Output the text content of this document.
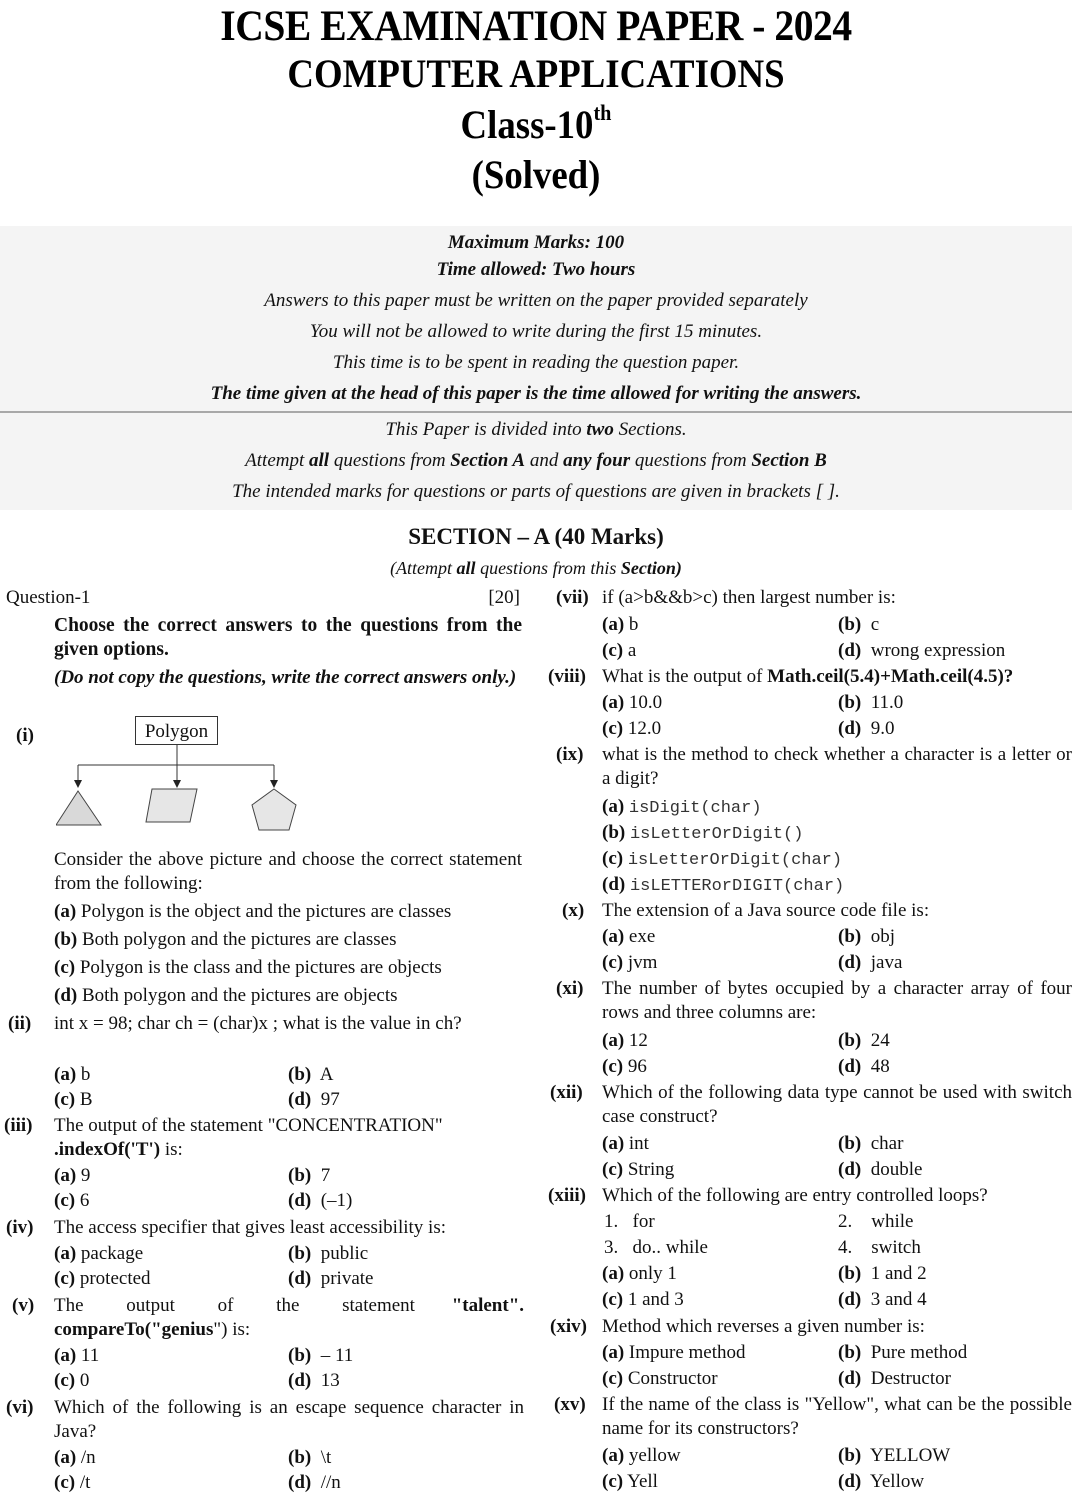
ICSE EXAMINATION PAPER - 2024
COMPUTER APPLICATIONS
Class-10th
(Solved)
Maximum Marks: 100
Time allowed: Two hours
Answers to this paper must be written on the paper provided separately
You will not be allowed to write during the first 15 minutes.
This time is to be spent in reading the question paper.
The time given at the head of this paper is the time allowed for writing the answers.
This Paper is divided into two Sections.
Attempt all questions from Section A and any four questions from Section B
The intended marks for questions or parts of questions are given in brackets [ ].
SECTION – A (40 Marks)
(Attempt all questions from this Section)
Question-1	[20]
Choose the correct answers to the questions from the given options.
(Do not copy the questions, write the correct answers only.)
(i)	Polygon
Consider the above picture and choose the correct statement from the following:
(a) Polygon is the object and the pictures are classes
(b) Both polygon and the pictures are classes
(c) Polygon is the class and the pictures are objects
(d) Both polygon and the pictures are objects
(ii) int x = 98; char ch = (char)x ; what is the value in ch?
(a) b	(b) A
(c) B	(d) 97
(iii) The output of the statement "CONCENTRATION"
.indexOf('T') is:
(a) 9	(b) 7
(c) 6	(d) (–1)
(iv) The access specifier that gives least accessibility is:
(a) package	(b) public
(c) protected	(d) private
(v) The output of the statement "talent".

compareTo("genius") is:
(a) 11	(b) – 11
(c) 0	(d) 13
(vi) Which of the following is an escape sequence character in Java?
(a) /n	(b) \t
(c) /t	(d) //n
(vii) if (a>b&&b>c) then largest number is:
(a) b	(b) c
(c) a	(d) wrong expression
(viii) What is the output of Math.ceil(5.4)+Math.ceil(4.5)?
(a) 10.0	(b) 11.0
(c) 12.0	(d) 9.0
(ix) what is the method to check whether a character is a letter or a digit?
(a) isDigit(char)
(b) isLetterOrDigit()
(c) isLetterOrDigit(char)
(d) isLETTERorDIGIT(char)
(x) The extension of a Java source code file is:
(a) exe	(b) obj
(c) jvm	(d) java
(xi) The number of bytes occupied by a character array of four rows and three columns are:
(a) 12	(b) 24
(c) 96	(d) 48
(xii) Which of the following data type cannot be used with switch case construct?
(a) int	(b) char
(c) String	(d) double
(xiii) Which of the following are entry controlled loops?
1. for	2. while
3. do.. while	4. switch
(a) only 1	(b) 1 and 2
(c) 1 and 3	(d) 3 and 4
(xiv) Method which reverses a given number is:
(a) Impure method	(b) Pure method
(c) Constructor	(d) Destructor
(xv) If the name of the class is "Yellow", what can be the possible name for its constructors?
(a) yellow	(b) YELLOW
(c) Yell	(d) Yellow
